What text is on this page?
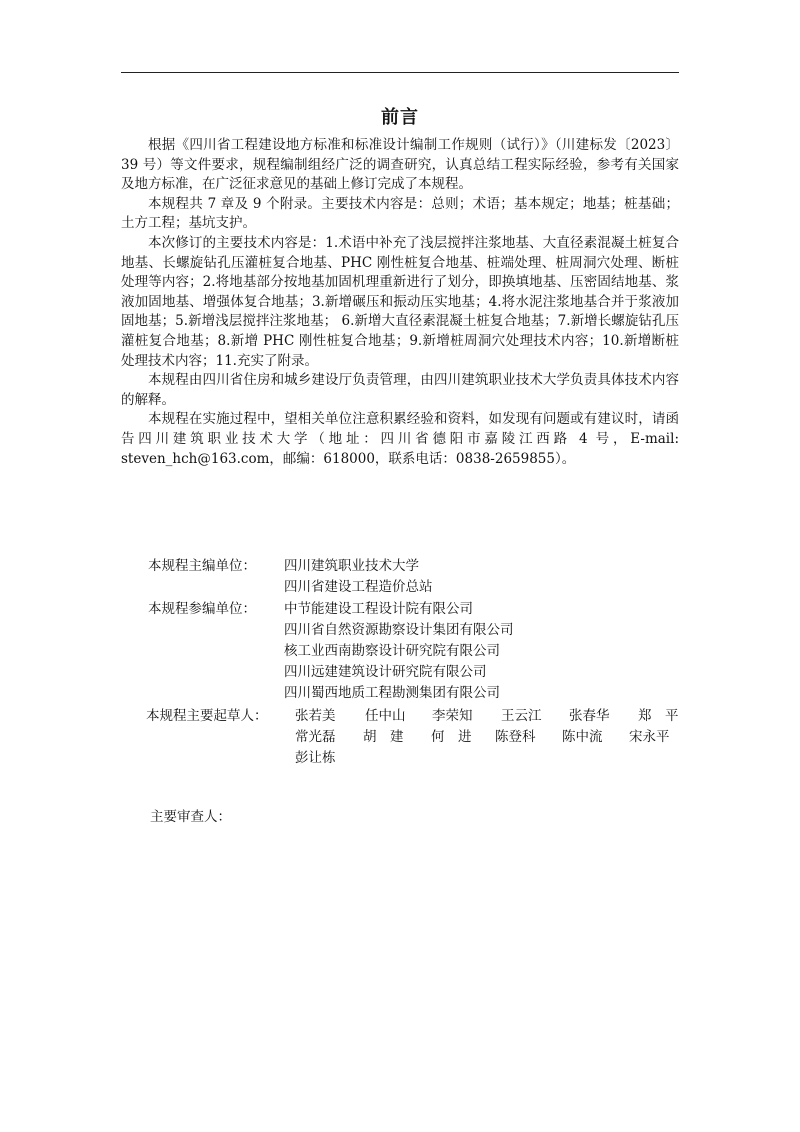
前言

根据《四川省工程建设地方标准和标准设计编制工作规则（试行）》（川建标发〔2023〕39 号）等文件要求，规程编制组经广泛的调查研究，认真总结工程实际经验，参考有关国家及地方标准，在广泛征求意见的基础上修订完成了本规程。

本规程共 7 章及 9 个附录。主要技术内容是：总则；术语；基本规定；地基；桩基础；土方工程；基坑支护。

本次修订的主要技术内容是：1.术语中补充了浅层搅拌注浆地基、大直径素混凝土桩复合地基、长螺旋钻孔压灌桩复合地基、PHC 刚性桩复合地基、桩端处理、桩周洞穴处理、断桩处理等内容；2.将地基部分按地基加固机理重新进行了划分，即换填地基、压密固结地基、浆液加固地基、增强体复合地基；3.新增碾压和振动压实地基；4.将水泥注浆地基合并于浆液加固地基；5.新增浅层搅拌注浆地基； 6.新增大直径素混凝土桩复合地基；7.新增长螺旋钻孔压灌桩复合地基；8.新增 PHC 刚性桩复合地基；9.新增桩周洞穴处理技术内容；10.新增断桩处理技术内容；11.充实了附录。

本规程由四川省住房和城乡建设厅负责管理，由四川建筑职业技术大学负责具体技术内容的解释。

本规程在实施过程中，望相关单位注意积累经验和资料，如发现有问题或有建议时，请函告四川建筑职业技术大学（地址：四川省德阳市嘉陵江西路 4 号，E-mail: steven_hch@163.com，邮编：618000，联系电话：0838-2659855）。

本规程主编单位： 四川建筑职业技术大学
四川省建设工程造价总站
本规程参编单位： 中节能建设工程设计院有限公司
四川省自然资源勘察设计集团有限公司
核工业西南勘察设计研究院有限公司
四川远建建筑设计研究院有限公司
四川蜀西地质工程勘测集团有限公司
本规程主要起草人： 张若美 任中山 李荣知 王云江 张春华 郑　平
常光磊 胡　建 何　进 陈登科 陈中流 宋永平
彭让栋
主要审查人：
